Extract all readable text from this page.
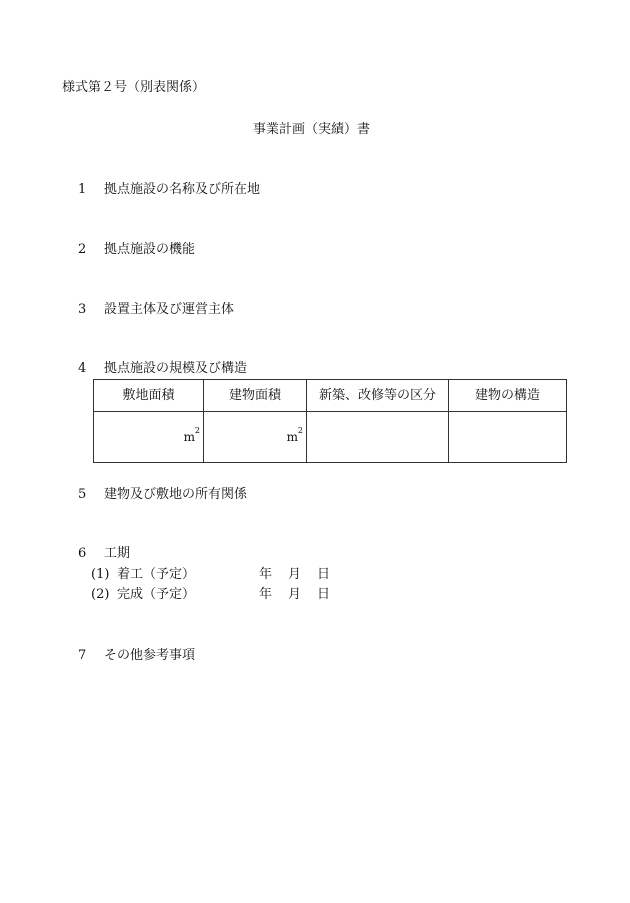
様式第２号（別表関係）
事業計画（実績）書
1 拠点施設の名称及び所在地
2 拠点施設の機能
3 設置主体及び運営主体
4 拠点施設の規模及び構造
敷地面積	建物面積	新築、改修等の区分	建物の構造
m 2	m 2		

5 建物及び敷地の所有関係
6 工期
(1) 着工（予定）	年 月 日
(2) 完成（予定）	年 月 日
7 その他参考事項
